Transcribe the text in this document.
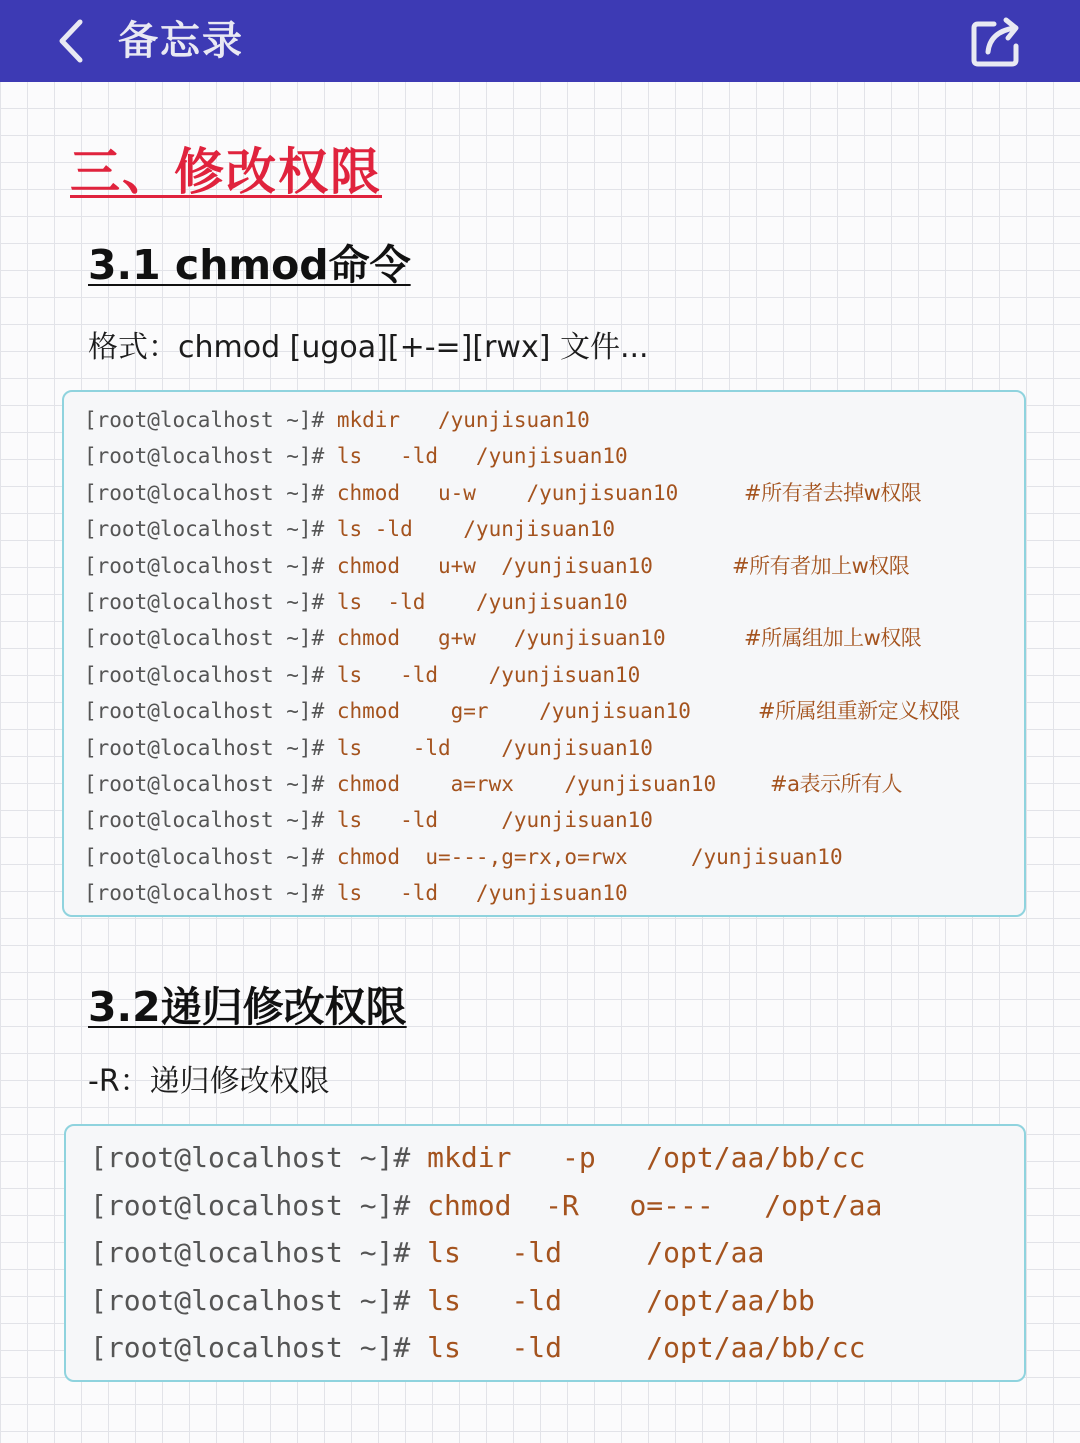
备忘录
三、修改权限
3.1 chmod命令
格式：chmod [ugoa][+-=][rwx] 文件...
[root@localhost ~]# mkdir   /yunjisuan10
[root@localhost ~]# ls   -ld   /yunjisuan10
[root@localhost ~]# chmod   u-w    /yunjisuan10	#所有者去掉w权限
[root@localhost ~]# ls -ld    /yunjisuan10
[root@localhost ~]# chmod   u+w  /yunjisuan10	#所有者加上w权限
[root@localhost ~]# ls  -ld    /yunjisuan10
[root@localhost ~]# chmod   g+w   /yunjisuan10	#所属组加上w权限
[root@localhost ~]# ls   -ld    /yunjisuan10
[root@localhost ~]# chmod    g=r    /yunjisuan10	#所属组重新定义权限
[root@localhost ~]# ls    -ld    /yunjisuan10
[root@localhost ~]# chmod    a=rwx    /yunjisuan10	#a表示所有人
[root@localhost ~]# ls   -ld     /yunjisuan10
[root@localhost ~]# chmod  u=---,g=rx,o=rwx     /yunjisuan10
[root@localhost ~]# ls   -ld   /yunjisuan10
3.2递归修改权限
-R：递归修改权限
[root@localhost ~]# mkdir   -p   /opt/aa/bb/cc
[root@localhost ~]# chmod  -R   o=---   /opt/aa
[root@localhost ~]# ls   -ld     /opt/aa
[root@localhost ~]# ls   -ld     /opt/aa/bb
[root@localhost ~]# ls   -ld     /opt/aa/bb/cc
